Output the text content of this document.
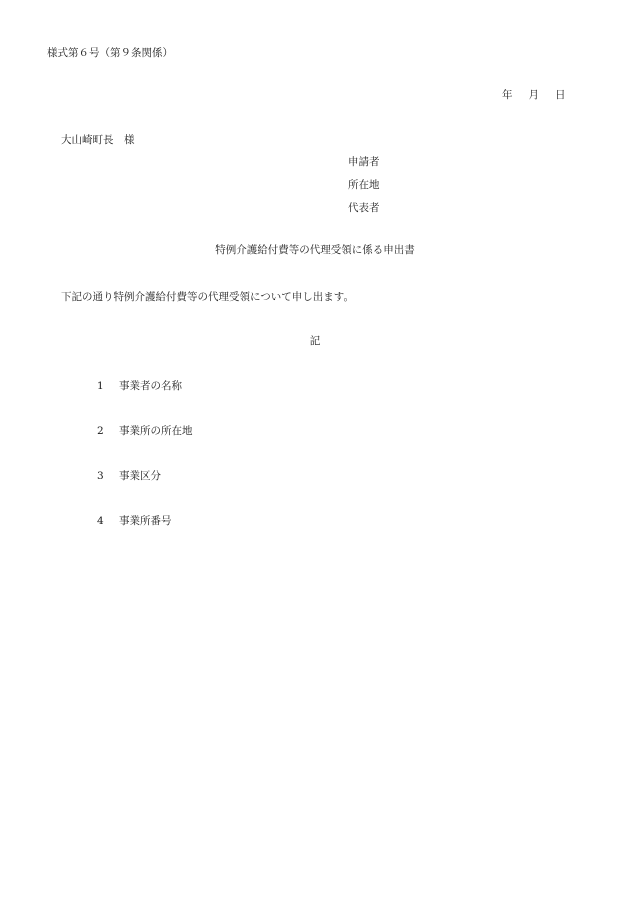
様式第６号（第９条関係）
年 月 日
大山崎町長　様
申請者
所在地
代表者
特例介護給付費等の代理受領に係る申出書
下記の通り特例介護給付費等の代理受領について申し出ます。
記
1 事業者の名称
2 事業所の所在地
3 事業区分
4 事業所番号
